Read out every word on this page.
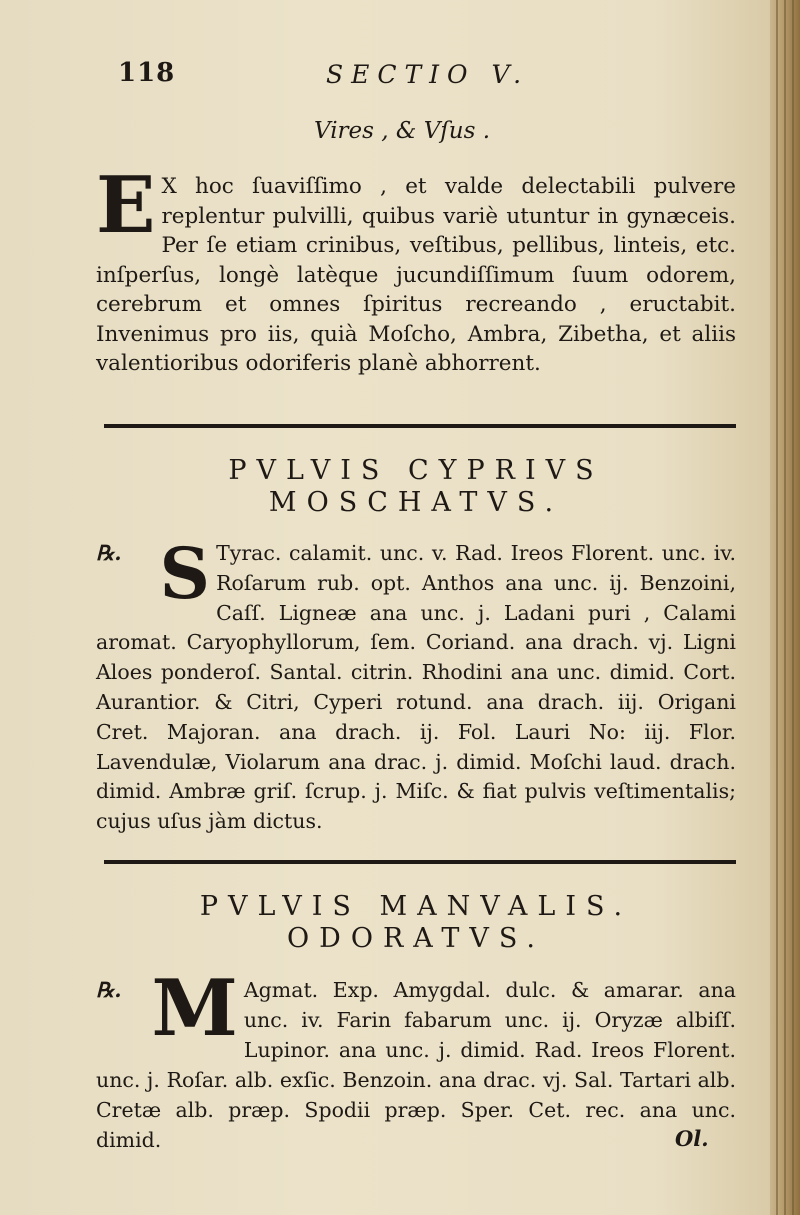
118	SECTIO V.
Vires , & Vſus .
E X hoc ſuaviſſimo , et valde delectabili pulvere replentur pulvilli, quibus variè utuntur in gynæceis. Per ſe etiam crinibus, veſtibus, pellibus, linteis, etc. inſperſus, longè latèque jucundiſſimum ſuum odorem, cerebrum et omnes ſpiritus recreando , eructabit. Invenimus pro iis, quià Moſcho, Ambra, Zibetha, et aliis valentioribus odoriferis planè abhorrent.
PVLVIS CYPRIVS
MOSCHATVS.
℞. S Tyrac. calamit. unc. v. Rad. Ireos Florent. unc. iv. Roſarum rub. opt. Anthos ana unc. ij. Benzoini, Caſſ. Ligneæ ana unc. j. Ladani puri , Calami aromat. Caryophyllorum, ſem. Coriand. ana drach. vj. Ligni Aloes ponderoſ. Santal. citrin. Rhodini ana unc. dimid. Cort. Aurantior. & Citri, Cyperi rotund. ana drach. iij. Origani Cret. Majoran. ana drach. ij. Fol. Lauri No: iij. Flor. Lavendulæ, Violarum ana drac. j. dimid. Moſchi laud. drach. dimid. Ambræ griſ. ſcrup. j. Miſc. & fiat pulvis veſtimentalis; cujus uſus jàm dictus.
PVLVIS MANVALIS.
ODORATVS.
℞. M Agmat. Exp. Amygdal. dulc. & amarar. ana unc. iv. Farin fabarum unc. ij. Oryzæ albiſſ. Lupinor. ana unc. j. dimid. Rad. Ireos Florent. unc. j. Roſar. alb. exſic. Benzoin. ana drac. vj. Sal. Tartari alb. Cretæ alb. præp. Spodii præp. Sper. Cet. rec. ana unc. dimid.	Ol.
